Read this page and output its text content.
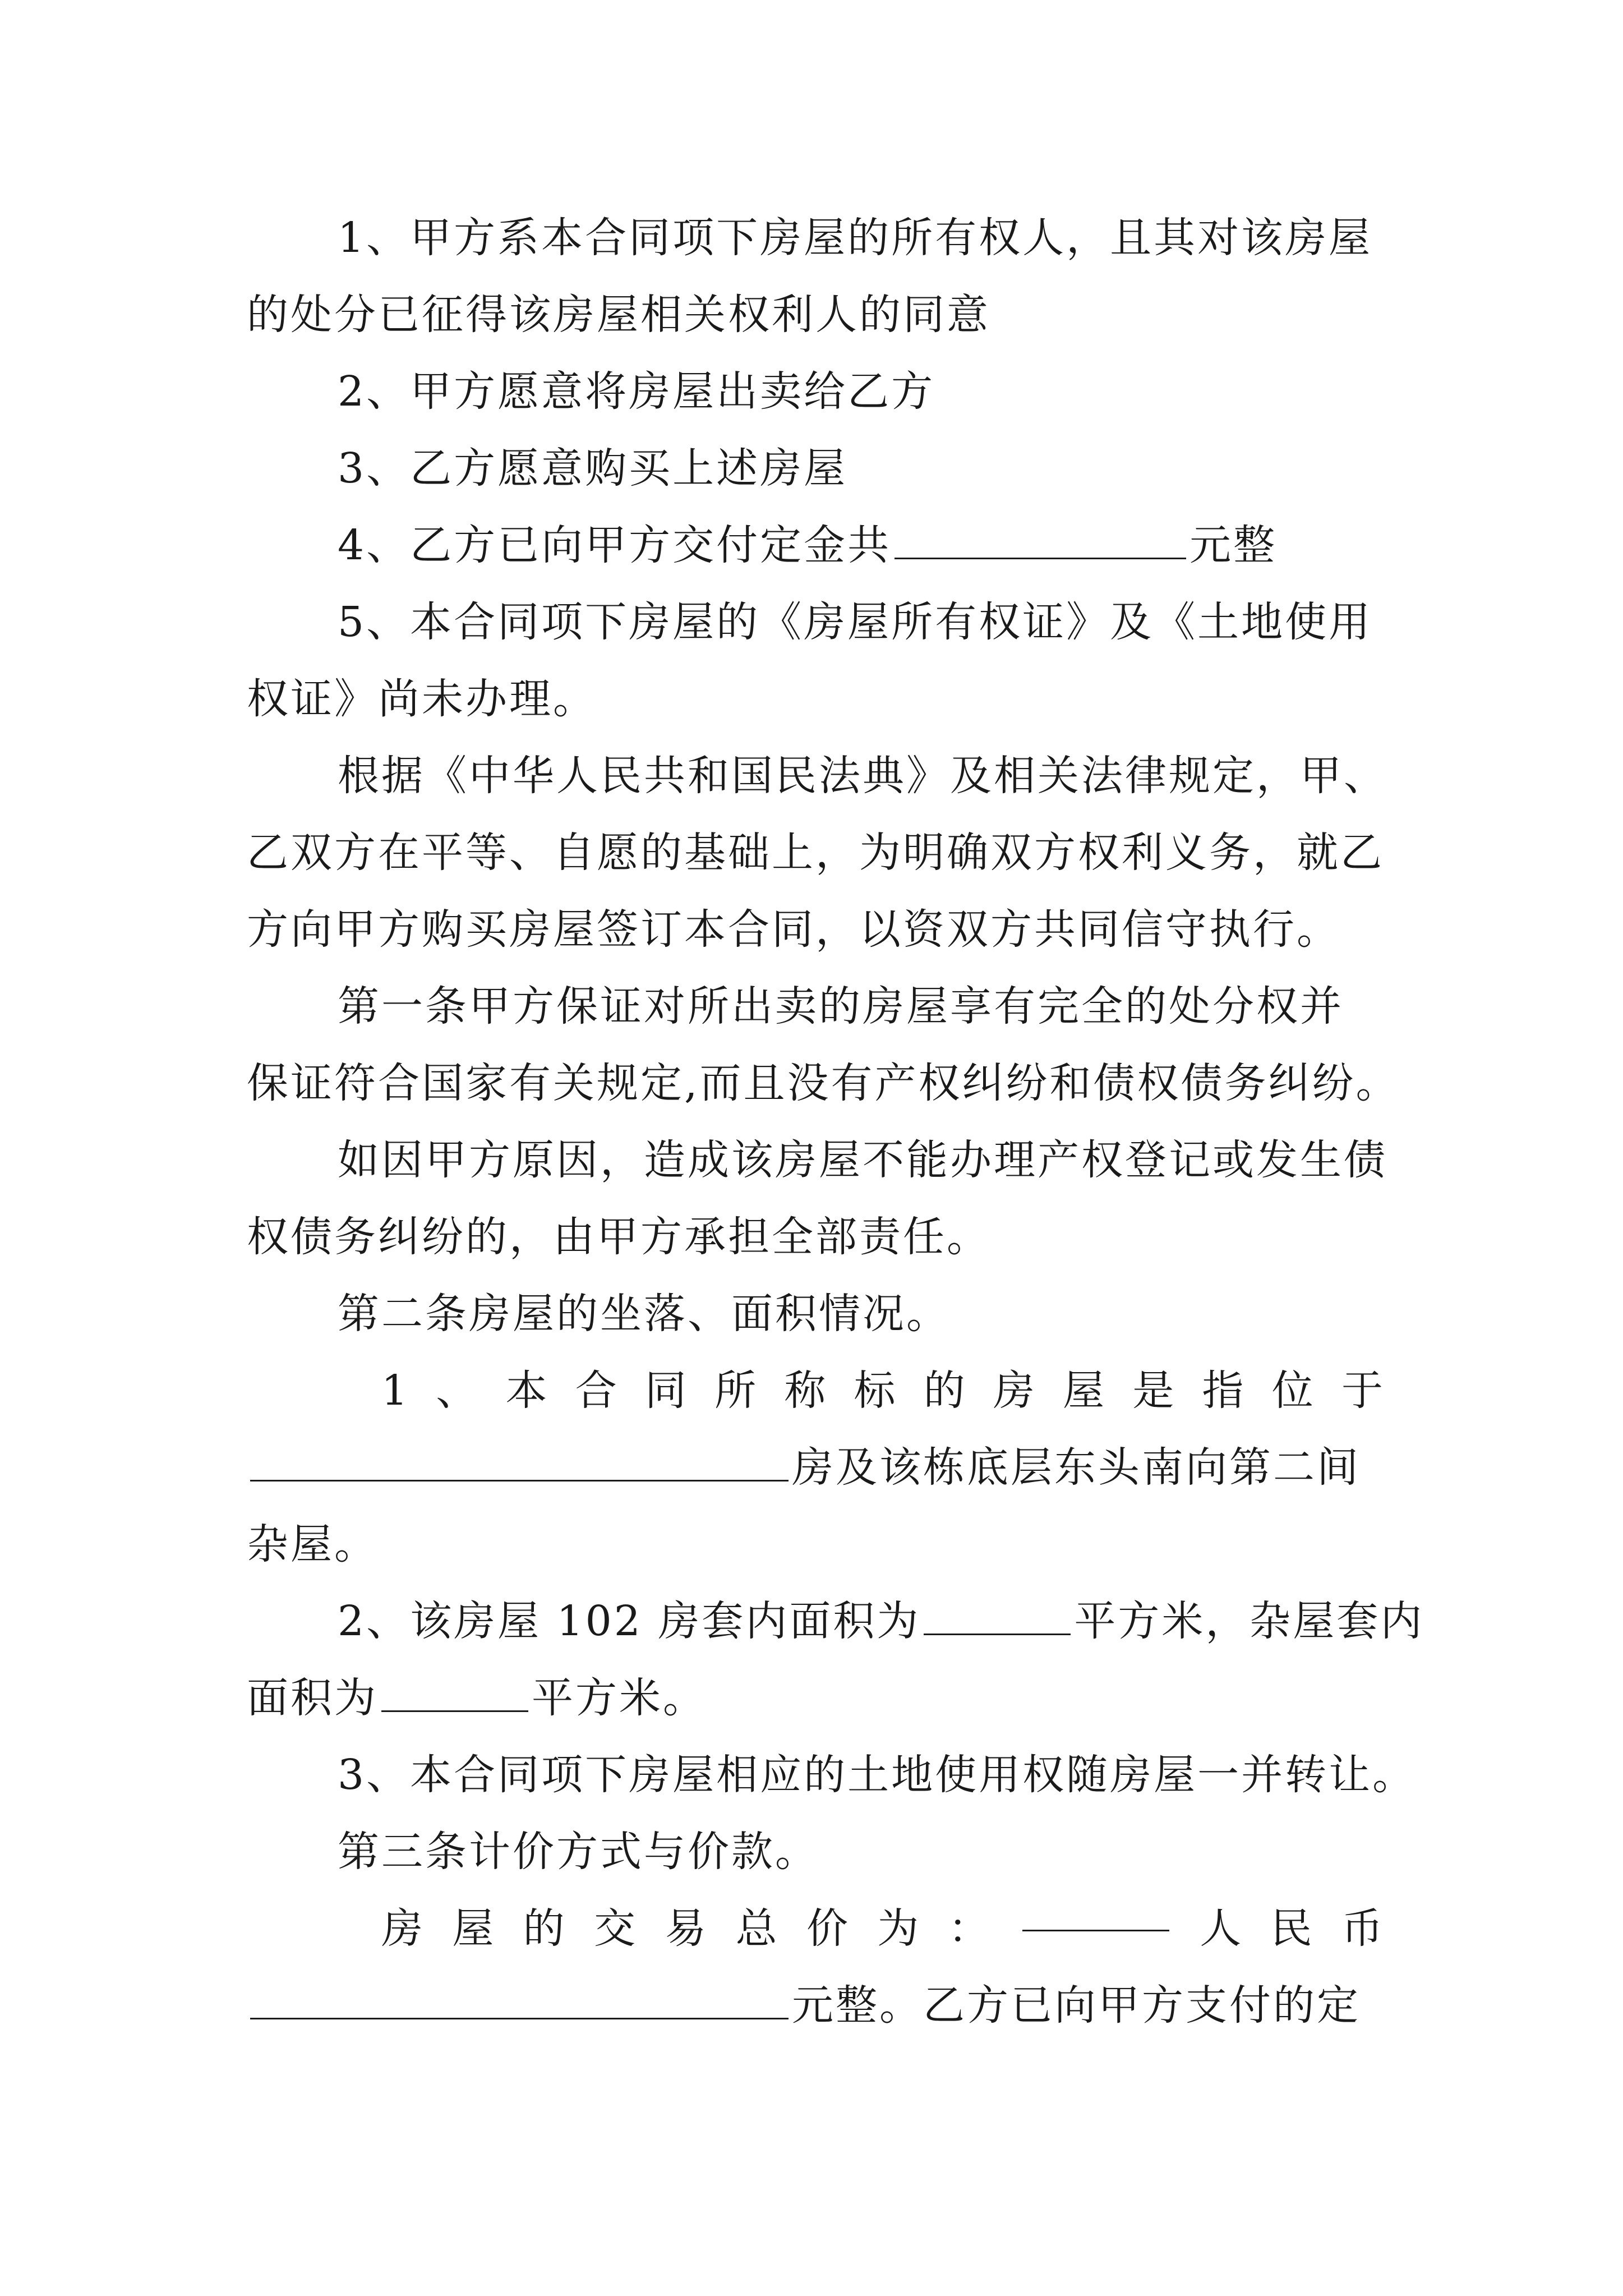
1、甲方系本合同项下房屋的所有权人，且其对该房屋
的处分已征得该房屋相关权利人的同意
2、甲方愿意将房屋出卖给乙方
3、乙方愿意购买上述房屋
4、乙方已向甲方交付定金共	元整
5、本合同项下房屋的《房屋所有权证》及《土地使用
权证》尚未办理。
根据《中华人民共和国民法典》及相关法律规定，甲、
乙双方在平等、自愿的基础上，为明确双方权利义务，就乙
方向甲方购买房屋签订本合同，以资双方共同信守执行。
第一条甲方保证对所出卖的房屋享有完全的处分权并
保证符合国家有关规定,而且没有产权纠纷和债权债务纠纷。
如因甲方原因，造成该房屋不能办理产权登记或发生债
权债务纠纷的，由甲方承担全部责任。
第二条房屋的坐落、面积情况。
1 、 本 合 同 所 称 标 的 房 屋 是 指 位 于
房及该栋底层东头南向第二间
杂屋。
2、该房屋 102 房套内面积为	平方米，杂屋套内
面积为	平方米。
3、本合同项下房屋相应的土地使用权随房屋一并转让。
第三条计价方式与价款。
房 屋 的 交 易 总 价 为 ：	人 民 币
元整。乙方已向甲方支付的定
